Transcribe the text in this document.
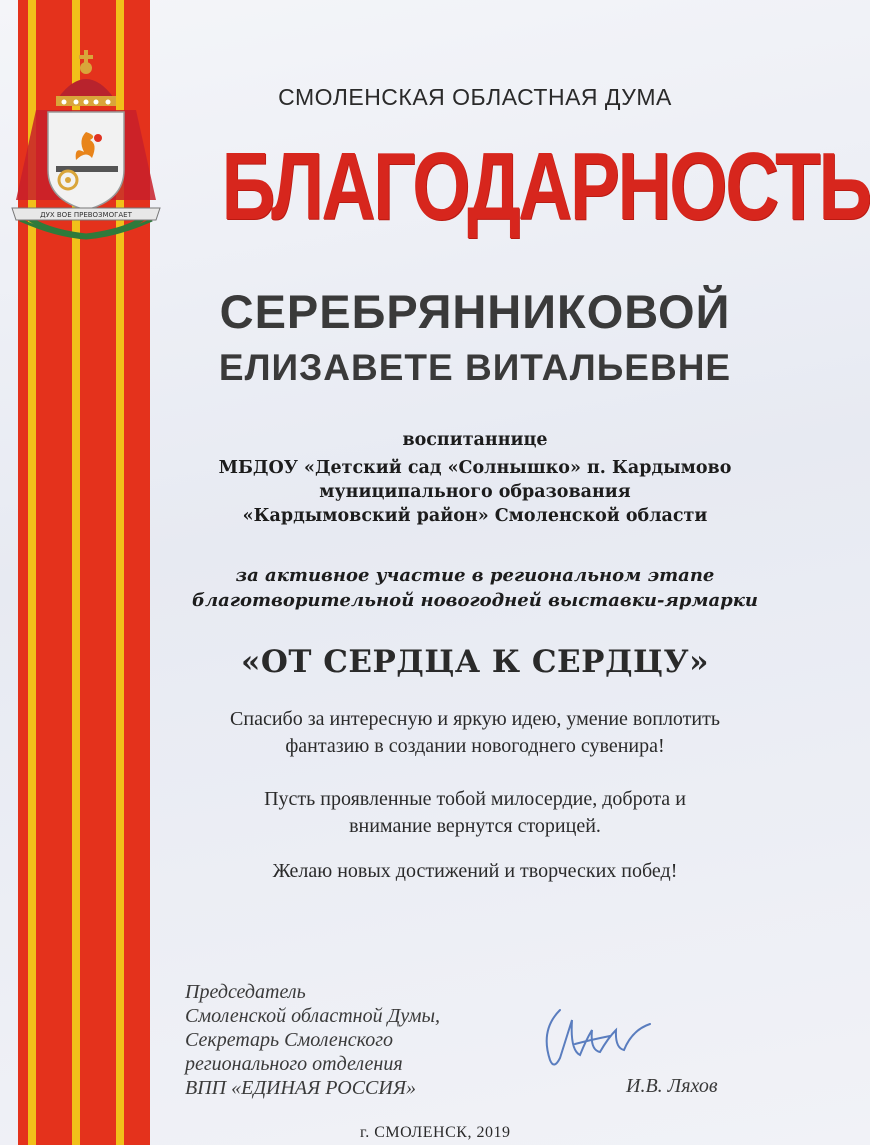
ДУХ ВОЕ ПРЕВОЗМОГАЕТ
СМОЛЕНСКАЯ ОБЛАСТНАЯ ДУМА
БЛАГОДАРНОСТЬ
СЕРЕБРЯННИКОВОЙ
ЕЛИЗАВЕТЕ ВИТАЛЬЕВНЕ
воспитаннице
МБДОУ «Детский сад «Солнышко» п. Кардымово
муниципального образования
«Кардымовский район» Смоленской области
за активное участие в региональном этапе
благотворительной новогодней выставки-ярмарки
«ОТ СЕРДЦА К СЕРДЦУ»
Спасибо за интересную и яркую идею, умение воплотить
фантазию в создании новогоднего сувенира!
Пусть проявленные тобой милосердие, доброта и
внимание вернутся сторицей.
Желаю новых достижений и творческих побед!
Председатель
Смоленской областной Думы,
Секретарь Смоленского
регионального отделения
ВПП «ЕДИНАЯ РОССИЯ»	И.В. Ляхов
г. СМОЛЕНСК, 2019
